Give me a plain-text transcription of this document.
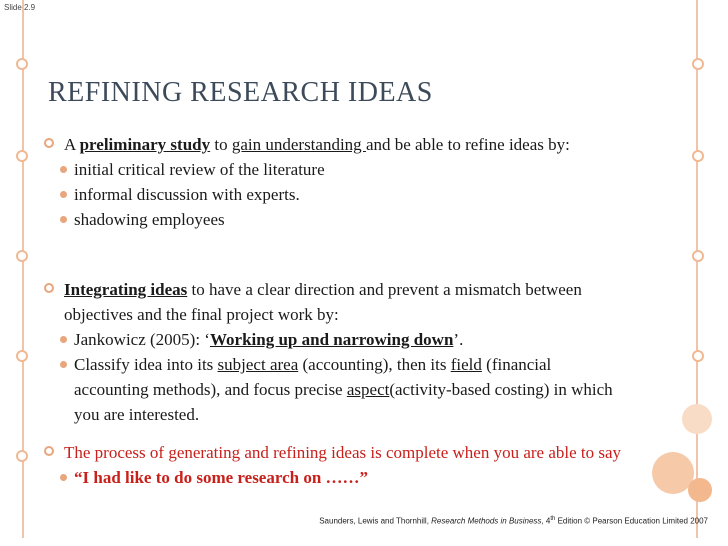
Slide 2.9
REFINING RESEARCH IDEAS
A preliminary study to gain understanding and be able to refine ideas by:
initial critical review of the literature
informal discussion with experts.
shadowing employees
Integrating ideas to have a clear direction and prevent a mismatch between objectives and the final project work by:
Jankowicz (2005): ‘Working up and narrowing down’.
Classify idea into its subject area (accounting), then its field (financial accounting methods), and focus precise aspect(activity-based costing) in which you are interested.
The process of generating and refining ideas is complete when you are able to say
“I had like to do some research on ……”
Saunders, Lewis and Thornhill, Research Methods in Business, 4th Edition © Pearson Education Limited 2007
